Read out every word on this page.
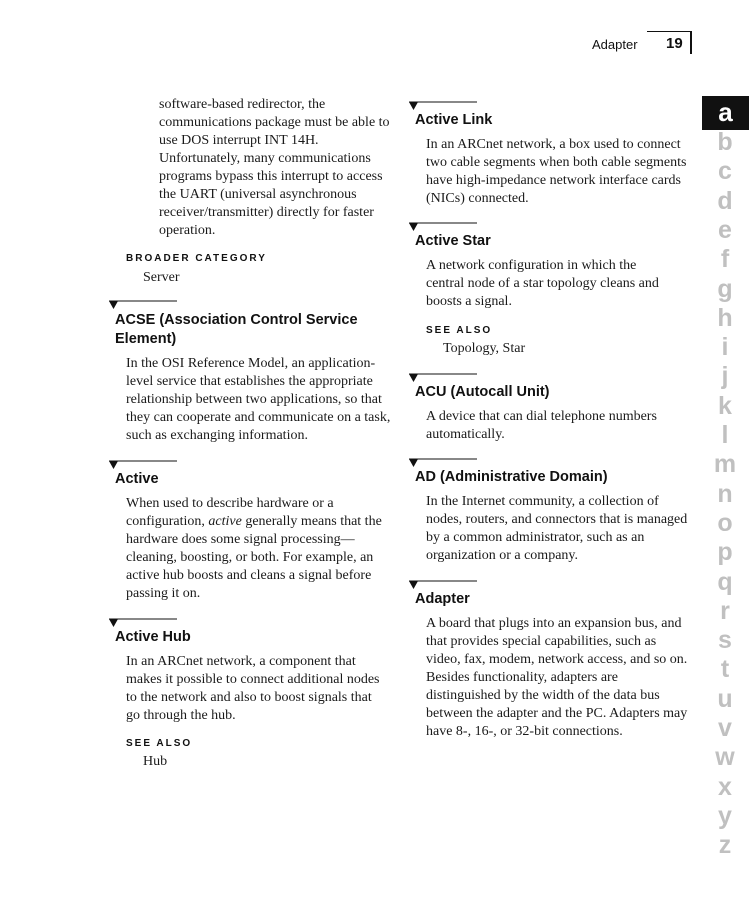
Adapter 19

software-based redirector, the communications package must be able to use DOS interrupt INT 14H. Unfortunately, many communications programs bypass this interrupt to access the UART (universal asynchronous receiver/transmitter) directly for faster operation.

BROADER CATEGORY

Server

ACSE (Association Control Service Element)

In the OSI Reference Model, an application-level service that establishes the appropriate relationship between two applications, so that they can cooperate and communicate on a task, such as exchanging information.

Active

When used to describe hardware or a configuration, active generally means that the hardware does some signal processing—cleaning, boosting, or both. For example, an active hub boosts and cleans a signal before passing it on.

Active Hub

In an ARCnet network, a component that makes it possible to connect additional nodes to the network and also to boost signals that go through the hub.

SEE ALSO

Hub

Active Link

In an ARCnet network, a box used to connect two cable segments when both cable segments have high-impedance network interface cards (NICs) connected.

Active Star

A network configuration in which the central node of a star topology cleans and boosts a signal.

SEE ALSO

Topology, Star

ACU (Autocall Unit)

A device that can dial telephone numbers automatically.

AD (Administrative Domain)

In the Internet community, a collection of nodes, routers, and connectors that is managed by a common administrator, such as an organization or a company.

Adapter

A board that plugs into an expansion bus, and that provides special capabilities, such as video, fax, modem, network access, and so on. Besides functionality, adapters are distinguished by the width of the data bus between the adapter and the PC. Adapters may have 8-, 16-, or 32-bit connections.

a
b
c
d
e
f
g
h
i
j
k
l
m
n
o
p
q
r
s
t
u
v
w
x
y
z
